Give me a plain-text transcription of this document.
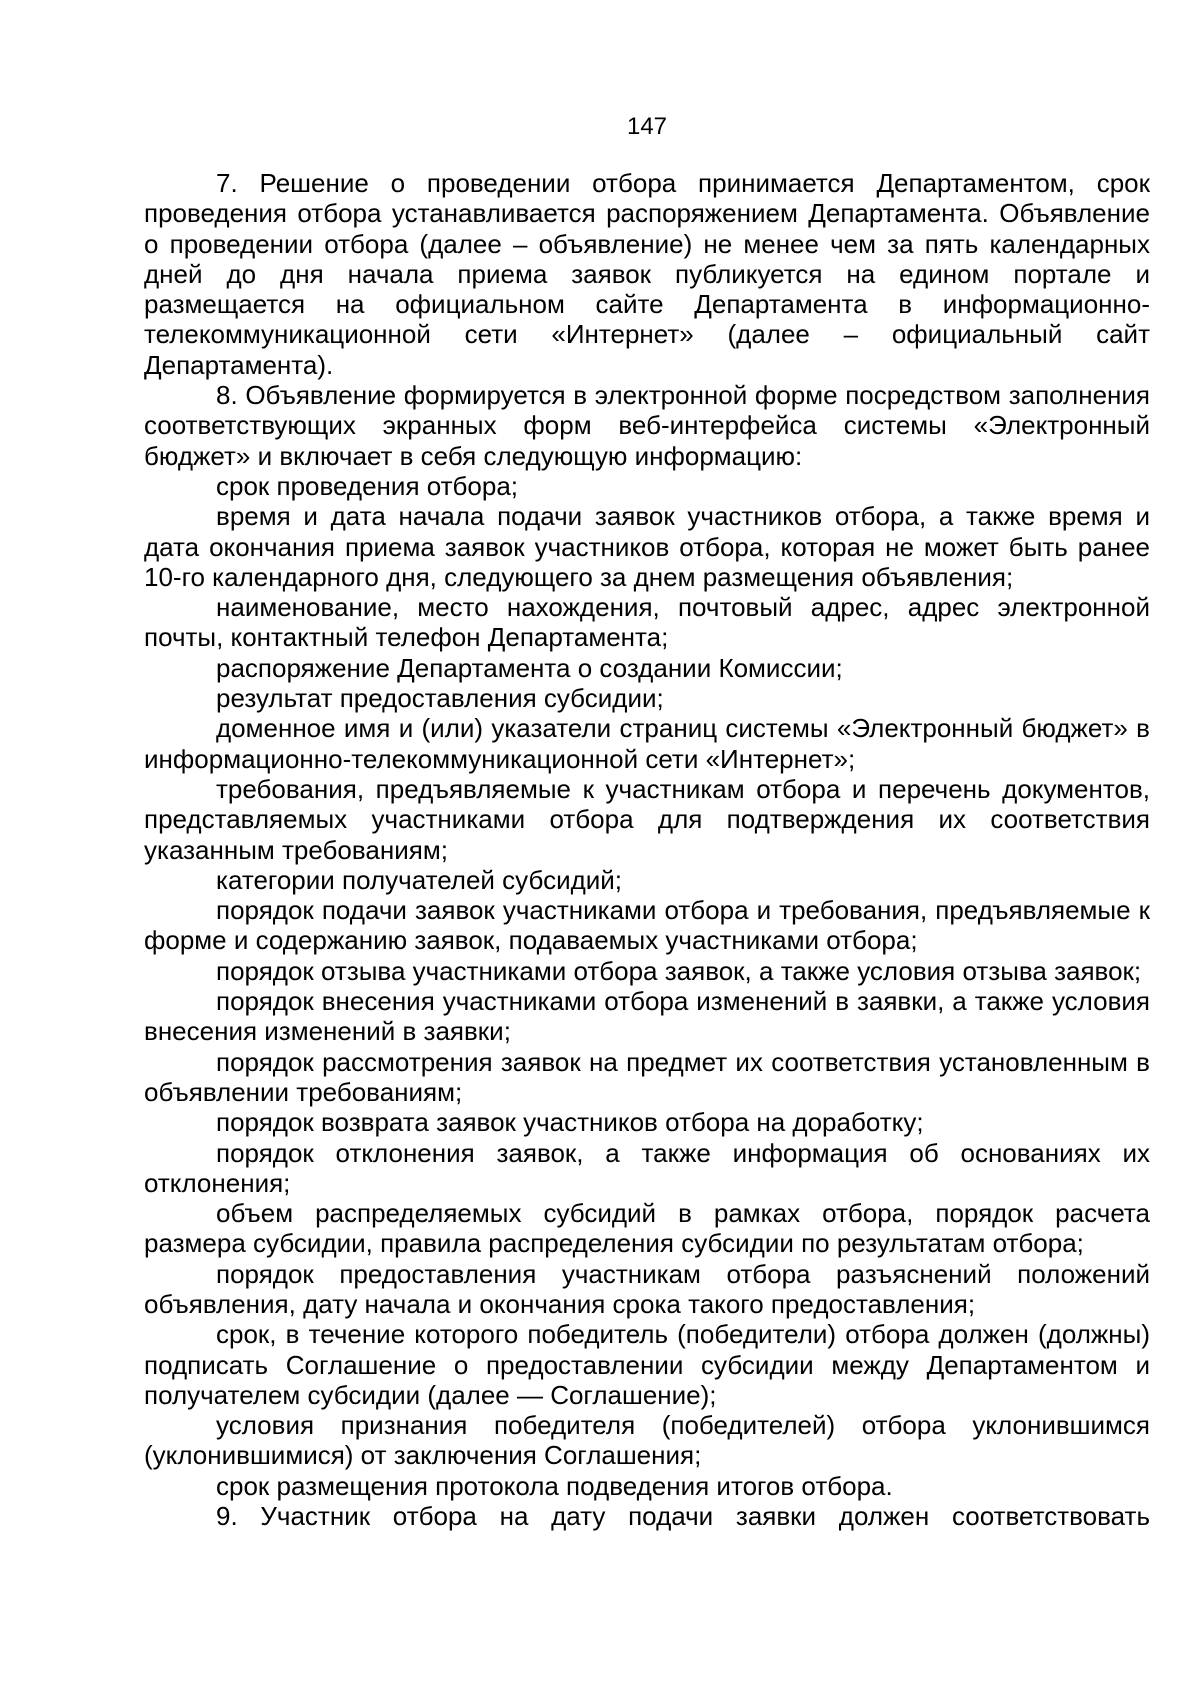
147

7. Решение о проведении отбора принимается Департаментом, срок проведения отбора устанавливается распоряжением Департамента. Объявление о проведении отбора (далее – объявление) не менее чем за пять календарных дней до дня начала приема заявок публикуется на едином портале и размещается на официальном сайте Департамента в информационно-телекоммуникационной сети «Интернет» (далее – официальный сайт Департамента).

8. Объявление формируется в электронной форме посредством заполнения соответствующих экранных форм веб-интерфейса системы «Электронный бюджет» и включает в себя следующую информацию:

срок проведения отбора;

время и дата начала подачи заявок участников отбора, а также время и дата окончания приема заявок участников отбора, которая не может быть ранее 10-го календарного дня, следующего за днем размещения объявления;

наименование, место нахождения, почтовый адрес, адрес электронной почты, контактный телефон Департамента;

распоряжение Департамента о создании Комиссии;

результат предоставления субсидии;

доменное имя и (или) указатели страниц системы «Электронный бюджет» в информационно-телекоммуникационной сети «Интернет»;

требования, предъявляемые к участникам отбора и перечень документов, представляемых участниками отбора для подтверждения их соответствия указанным требованиям;

категории получателей субсидий;

порядок подачи заявок участниками отбора и требования, предъявляемые к форме и содержанию заявок, подаваемых участниками отбора;

порядок отзыва участниками отбора заявок, а также условия отзыва заявок;

порядок внесения участниками отбора изменений в заявки, а также условия внесения изменений в заявки;

порядок рассмотрения заявок на предмет их соответствия установленным в объявлении требованиям;

порядок возврата заявок участников отбора на доработку;

порядок отклонения заявок, а также информация об основаниях их отклонения;

объем распределяемых субсидий в рамках отбора, порядок расчета размера субсидии, правила распределения субсидии по результатам отбора;

порядок предоставления участникам отбора разъяснений положений объявления, дату начала и окончания срока такого предоставления;

срок, в течение которого победитель (победители) отбора должен (должны) подписать Соглашение о предоставлении субсидии между Департаментом и получателем субсидии (далее — Соглашение);

условия признания победителя (победителей) отбора уклонившимся (уклонившимися) от заключения Соглашения;

срок размещения протокола подведения итогов отбора.

9. Участник отбора на дату подачи заявки должен соответствовать
